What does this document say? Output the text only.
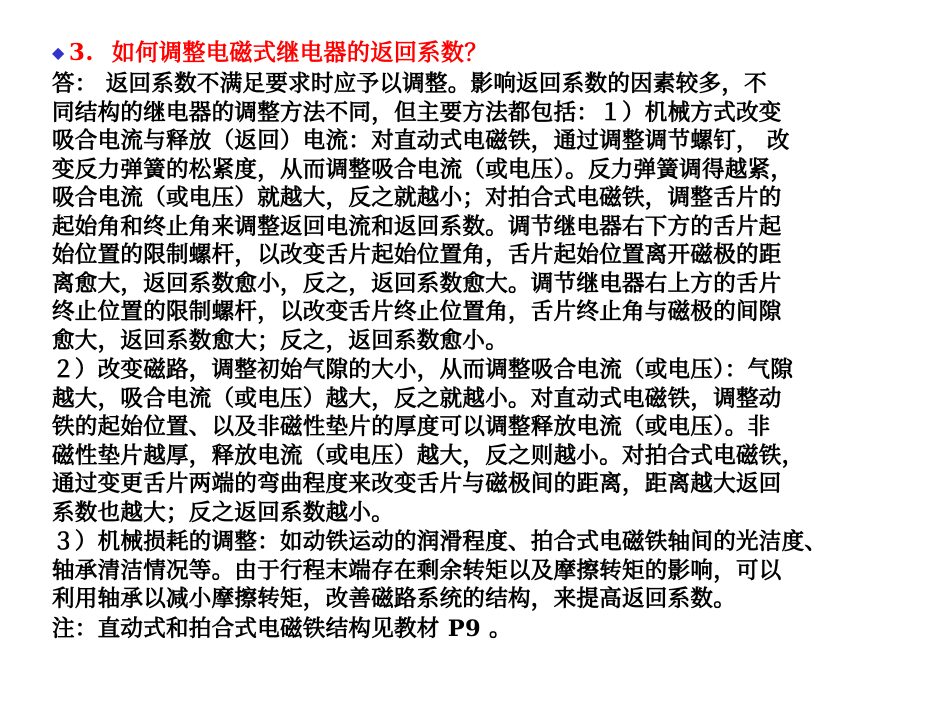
◆ 3. 如何调整电磁式继电器的返回系数？
答： 返回系数不满足要求时应予以调整。影响返回系数的因素较多，不
同结构的继电器的调整方法不同，但主要方法都包括：１）机械方式改变
吸合电流与释放（返回）电流：对直动式电磁铁，通过调整调节螺钉， 改
变反力弹簧的松紧度，从而调整吸合电流（或电压）。反力弹簧调得越紧，
吸合电流（或电压）就越大，反之就越小；对拍合式电磁铁，调整舌片的
起始角和终止角来调整返回电流和返回系数。调节继电器右下方的舌片起
始位置的限制螺杆，以改变舌片起始位置角，舌片起始位置离开磁极的距
离愈大，返回系数愈小，反之，返回系数愈大。调节继电器右上方的舌片
终止位置的限制螺杆，以改变舌片终止位置角，舌片终止角与磁极的间隙
愈大，返回系数愈大；反之，返回系数愈小。
２）改变磁路，调整初始气隙的大小，从而调整吸合电流（或电压）：气隙
越大，吸合电流（或电压）越大，反之就越小。对直动式电磁铁，调整动
铁的起始位置、以及非磁性垫片的厚度可以调整释放电流（或电压）。非
磁性垫片越厚，释放电流（或电压）越大，反之则越小。对拍合式电磁铁，
通过变更舌片两端的弯曲程度来改变舌片与磁极间的距离，距离越大返回
系数也越大；反之返回系数越小。
３）机械损耗的调整：如动铁运动的润滑程度、拍合式电磁铁轴间的光洁度、
轴承清洁情况等。由于行程末端存在剩余转矩以及摩擦转矩的影响，可以
利用轴承以减小摩擦转矩，改善磁路系统的结构，来提高返回系数。
注：直动式和拍合式电磁铁结构见教材 P9 。
